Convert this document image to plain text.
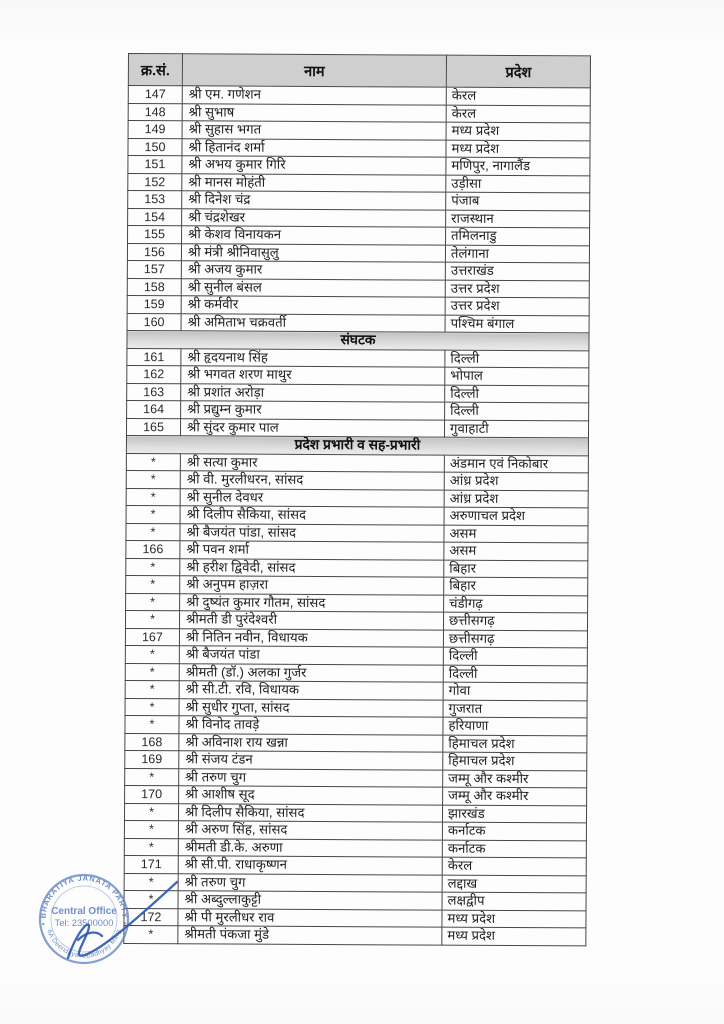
क्र.सं.	नाम	प्रदेश
147	श्री एम. गणेशन	केरल
148	श्री सुभाष	केरल
149	श्री सुहास भगत	मध्य प्रदेश
150	श्री हितानंद शर्मा	मध्य प्रदेश
151	श्री अभय कुमार गिरि	मणिपुर, नागालैंड
152	श्री मानस मोहंती	उड़ीसा
153	श्री दिनेश चंद्र	पंजाब
154	श्री चंद्रशेखर	राजस्थान
155	श्री केशव विनायकन	तमिलनाडु
156	श्री मंत्री श्रीनिवासुलु	तेलंगाना
157	श्री अजय कुमार	उत्तराखंड
158	श्री सुनील बंसल	उत्तर प्रदेश
159	श्री कर्मवीर	उत्तर प्रदेश
160	श्री अमिताभ चक्रवर्ती	पश्चिम बंगाल
संघटक		
161	श्री हृदयनाथ सिंह	दिल्ली
162	श्री भगवत शरण माथुर	भोपाल
163	श्री प्रशांत अरोड़ा	दिल्ली
164	श्री प्रद्युम्न कुमार	दिल्ली
165	श्री सुंदर कुमार पाल	गुवाहाटी
प्रदेश प्रभारी व सह-प्रभारी		
*	श्री सत्या कुमार	अंडमान एवं निकोबार
*	श्री वी. मुरलीधरन, सांसद	आंध्र प्रदेश
*	श्री सुनील देवधर	आंध्र प्रदेश
*	श्री दिलीप सैकिया, सांसद	अरुणाचल प्रदेश
*	श्री बैजयंत पांडा, सांसद	असम
166	श्री पवन शर्मा	असम
*	श्री हरीश द्विवेदी, सांसद	बिहार
*	श्री अनुपम हाज़रा	बिहार
*	श्री दुष्यंत कुमार गौतम, सांसद	चंडीगढ़
*	श्रीमती डी पुरंदेश्वरी	छत्तीसगढ़
167	श्री नितिन नवीन, विधायक	छत्तीसगढ़
*	श्री बैजयंत पांडा	दिल्ली
*	श्रीमती (डॉ.) अलका गुर्जर	दिल्ली
*	श्री सी.टी. रवि, विधायक	गोवा
*	श्री सुधीर गुप्ता, सांसद	गुजरात
*	श्री विनोद तावड़े	हरियाणा
168	श्री अविनाश राय खन्ना	हिमाचल प्रदेश
169	श्री संजय टंडन	हिमाचल प्रदेश
*	श्री तरुण चुग	जम्मू और कश्मीर
170	श्री आशीष सूद	जम्मू और कश्मीर
*	श्री दिलीप सैकिया, सांसद	झारखंड
*	श्री अरुण सिंह, सांसद	कर्नाटक
*	श्रीमती डी.के. अरुणा	कर्नाटक
171	श्री सी.पी. राधाकृष्णन	केरल
*	श्री तरुण चुग	लद्दाख
*	श्री अब्दुल्लाकुट्टी	लक्षद्वीप
172	श्री पी मुरलीधर राव	मध्य प्रदेश
*	श्रीमती पंकजा मुंडे	मध्य प्रदेश
• BHARATIYA JANATA PARTY •
6A Deendayal Upadhyay Marg
Central Office
Tel: 23500000
